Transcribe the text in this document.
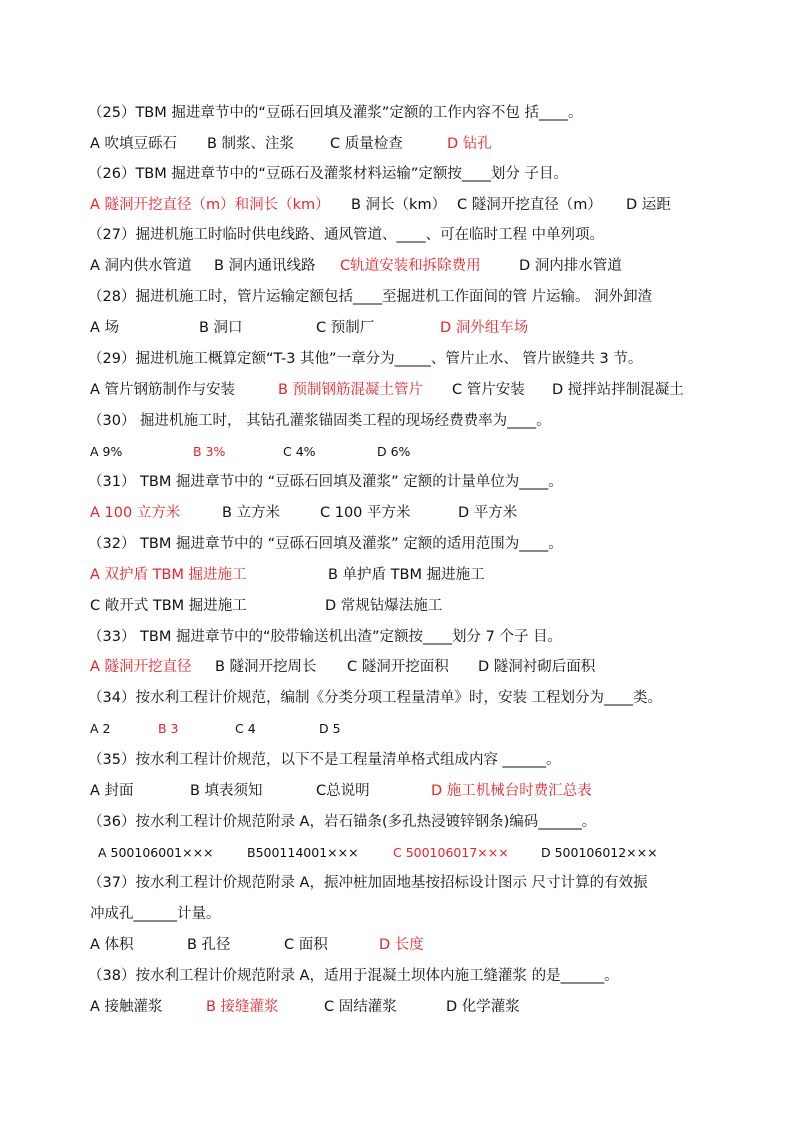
（25）TBM 掘进章节中的“豆砾石回填及灌浆”定额的工作内容不包 括____。
A 吹填豆砾石 B 制浆、注浆 C 质量检查	D 钻孔
（26）TBM 掘进章节中的“豆砾石及灌浆材料运输”定额按____划分 子目。
A 隧洞开挖直径（m）和洞长（km） B 洞长（km） C 隧洞开挖直径（m） D 运距
（27）掘进机施工时临时供电线路、通风管道、____、可在临时工程 中单列项。
A 洞内供水管道 B 洞内通讯线路 C轨道安装和拆除费用	D 洞内排水管道
（28）掘进机施工时，管片运输定额包括____至掘进机工作面间的管 片运输。 洞外卸渣
A 场	B 洞口	C 预制厂	D 洞外组车场
（29）掘进机施工概算定额“T-3 其他”一章分为_____、管片止水、 管片嵌缝共 3 节。
A 管片钢筋制作与安装	B 预制钢筋混凝土管片 C 管片安装 D 搅拌站拌制混凝土
（30） 掘进机施工时， 其钻孔灌浆锚固类工程的现场经费费率为____。
A 9%	B 3%	C 4%	D 6%
（31） TBM 掘进章节中的 “豆砾石回填及灌浆” 定额的计量单位为____。
A 100 立方米	B 立方米	C 100 平方米	D 平方米
（32） TBM 掘进章节中的 “豆砾石回填及灌浆” 定额的适用范围为____。
A 双护盾 TBM 掘进施工	B 单护盾 TBM 掘进施工
C 敞开式 TBM 掘进施工	D 常规钻爆法施工
（33） TBM 掘进章节中的“胶带输送机出渣”定额按____划分 7 个子 目。
A 隧洞开挖直径 B 隧洞开挖周长 C 隧洞开挖面积 D 隧洞衬砌后面积
（34）按水利工程计价规范，编制《分类分项工程量清单》时，安装 工程划分为____类。
A 2	B 3	C 4	D 5
（35）按水利工程计价规范，以下不是工程量清单格式组成内容 ______。
A 封面	B 填表须知	C总说明	D 施工机械台时费汇总表
（36）按水利工程计价规范附录 A，岩石锚条(多孔热浸镀锌钢条)编码______。
A 500106001×××	B500114001×××	C 500106017×××	D 500106012×××
（37）按水利工程计价规范附录 A，振冲桩加固地基按招标设计图示 尺寸计算的有效振
冲成孔______计量。
A 体积	B 孔径	C 面积	D 长度
（38）按水利工程计价规范附录 A，适用于混凝土坝体内施工缝灌浆 的是______。
A 接触灌浆	B 接缝灌浆	C 固结灌浆	D 化学灌浆
